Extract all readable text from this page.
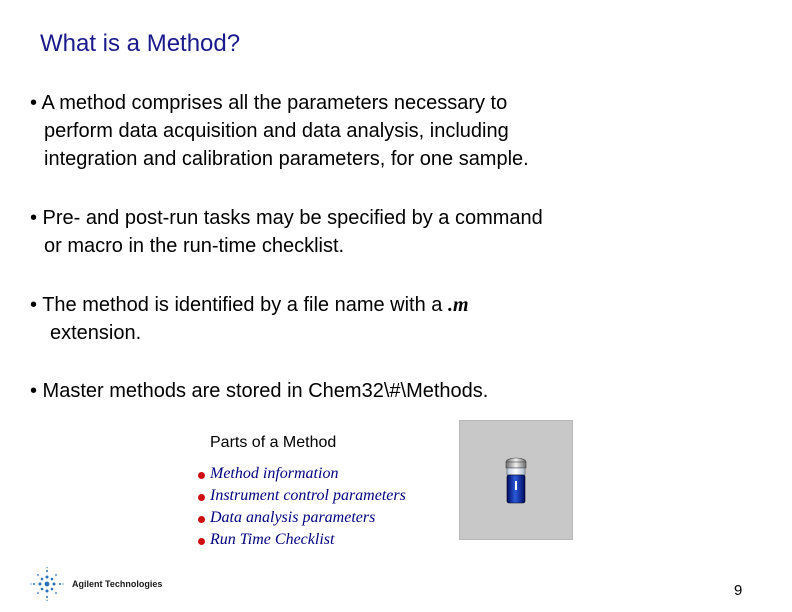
What is a Method?
• A method comprises all the parameters necessary to
perform data acquisition and data analysis, including
integration and calibration parameters, for one sample.
• Pre- and post-run tasks may be specified by a command
or macro in the run-time checklist.
• The method is identified by a file name with a .m
extension.
• Master methods are stored in Chem32\#\Methods.
Parts of a Method
Method information
Instrument control parameters
Data analysis parameters
Run Time Checklist
Agilent Technologies	9
